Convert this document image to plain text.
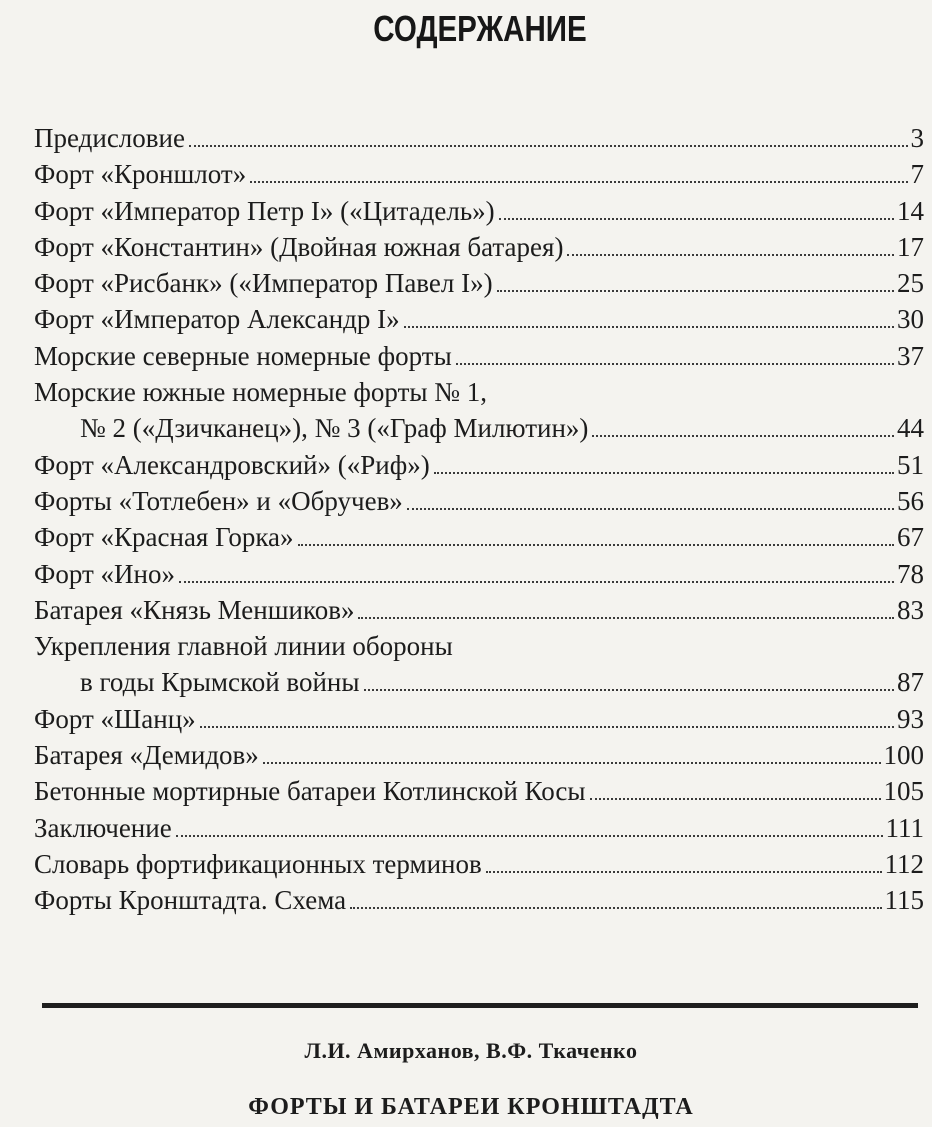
СОДЕРЖАНИЕ
Предисловие	3
Форт «Кроншлот»	7
Форт «Император Петр I» («Цитадель»)	14
Форт «Константин» (Двойная южная батарея)	17
Форт «Рисбанк» («Император Павел I»)	25
Форт «Император Александр I»	30
Морские северные номерные форты	37
Морские южные номерные форты № 1,
№ 2 («Дзичканец»), № 3 («Граф Милютин»)	44
Форт «Александровский» («Риф»)	51
Форты «Тотлебен» и «Обручев»	56
Форт «Красная Горка»	67
Форт «Ино»	78
Батарея «Князь Меншиков»	83
Укрепления главной линии обороны
в годы Крымской войны	87
Форт «Шанц»	93
Батарея «Демидов»	100
Бетонные мортирные батареи Котлинской Косы	105
Заключение	111
Словарь фортификационных терминов	112
Форты Кронштадта. Схема	115
Л.И. Амирханов, В.Ф. Ткаченко
ФОРТЫ И БАТАРЕИ КРОНШТАДТА
